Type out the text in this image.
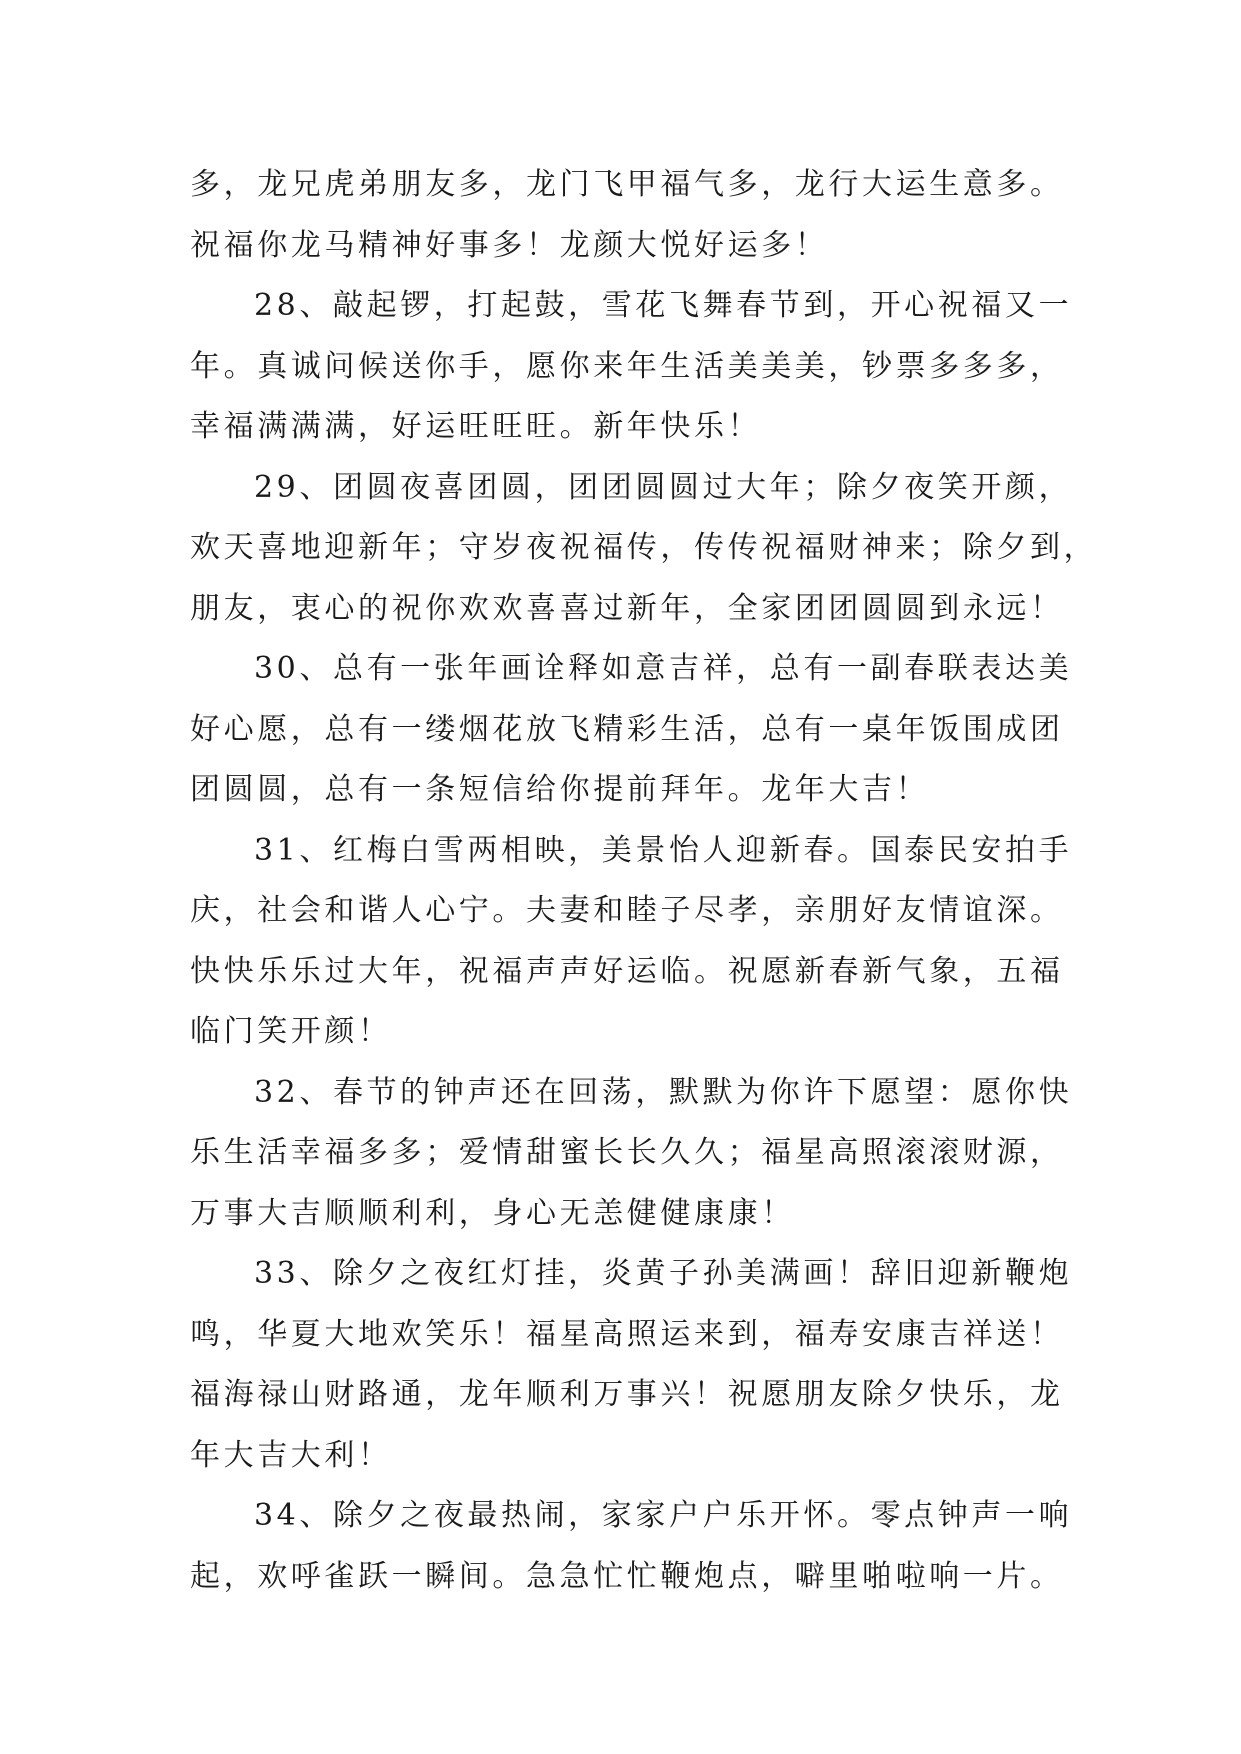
多，龙兄虎弟朋友多，龙门飞甲福气多，龙行大运生意多。
祝福你龙马精神好事多！龙颜大悦好运多！
28、敲起锣，打起鼓，雪花飞舞春节到，开心祝福又一
年。真诚问候送你手，愿你来年生活美美美，钞票多多多，
幸福满满满，好运旺旺旺。新年快乐！
29、团圆夜喜团圆，团团圆圆过大年；除夕夜笑开颜，
欢天喜地迎新年；守岁夜祝福传，传传祝福财神来；除夕到，
朋友，衷心的祝你欢欢喜喜过新年，全家团团圆圆到永远！
30、总有一张年画诠释如意吉祥，总有一副春联表达美
好心愿，总有一缕烟花放飞精彩生活，总有一桌年饭围成团
团圆圆，总有一条短信给你提前拜年。龙年大吉！
31、红梅白雪两相映，美景怡人迎新春。国泰民安拍手
庆，社会和谐人心宁。夫妻和睦子尽孝，亲朋好友情谊深。
快快乐乐过大年，祝福声声好运临。祝愿新春新气象，五福
临门笑开颜！
32、春节的钟声还在回荡，默默为你许下愿望：愿你快
乐生活幸福多多；爱情甜蜜长长久久；福星高照滚滚财源，
万事大吉顺顺利利，身心无恙健健康康！
33、除夕之夜红灯挂，炎黄子孙美满画！辞旧迎新鞭炮
鸣，华夏大地欢笑乐！福星高照运来到，福寿安康吉祥送！
福海禄山财路通，龙年顺利万事兴！祝愿朋友除夕快乐，龙
年大吉大利！
34、除夕之夜最热闹，家家户户乐开怀。零点钟声一响
起，欢呼雀跃一瞬间。急急忙忙鞭炮点，噼里啪啦响一片。
